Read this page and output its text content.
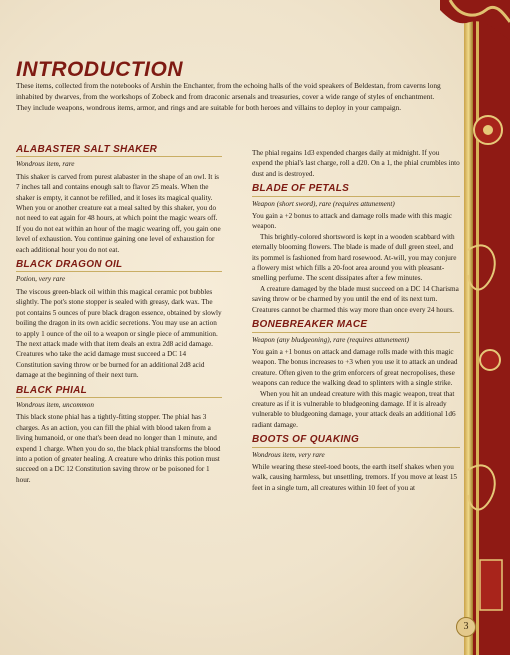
INTRODUCTION
These items, collected from the notebooks of Arshin the Enchanter, from the echoing halls of the void speakers of Beldestan, from caverns long inhabited by dwarves, from the workshops of Zobeck and from draconic arsenals and treasuries, cover a wide range of styles of enchantment. They include weapons, wondrous items, armor, and rings and are suitable for both heroes and villains to deploy in your campaign.
ALABASTER SALT SHAKER
Wondrous item, rare

This shaker is carved from purest alabaster in the shape of an owl. It is 7 inches tall and contains enough salt to flavor 25 meals. When the shaker is empty, it cannot be refilled, and it loses its magical quality. When you or another creature eat a meal salted by this shaker, you do not need to eat again for 48 hours, at which point the magic wears off. If you do not eat within an hour of the magic wearing off, you gain one level of exhaustion. You continue gaining one level of exhaustion for each additional hour you do not eat.

BLACK DRAGON OIL
Potion, very rare

The viscous green-black oil within this magical ceramic pot bubbles slightly. The pot's stone stopper is sealed with greasy, dark wax. The pot contains 5 ounces of pure black dragon essence, obtained by slowly boiling the dragon in its own acidic secretions. You may use an action to apply 1 ounce of the oil to a weapon or single piece of ammunition. The next attack made with that item deals an extra 2d8 acid damage. Creatures who take the acid damage must succeed a DC 14 Constitution saving throw or be burned for an additional 2d8 acid damage at the beginning of their next turn.

BLACK PHIAL
Wondrous item, uncommon

This black stone phial has a tightly-fitting stopper. The phial has 3 charges. As an action, you can fill the phial with blood taken from a living humanoid, or one that's been dead no longer than 1 minute, and expend 1 charge. When you do so, the black phial transforms the blood into a potion of greater healing. A creature who drinks this potion must succeed on a DC 12 Constitution saving throw or be poisoned for 1 hour.

The phial regains 1d3 expended charges daily at midnight. If you expend the phial's last charge, roll a d20. On a 1, the phial crumbles into dust and is destroyed.

BLADE OF PETALS
Weapon (short sword), rare (requires attunement)

You gain a +2 bonus to attack and damage rolls made with this magic weapon.

This brightly-colored shortsword is kept in a wooden scabbard with eternally blooming flowers. The blade is made of dull green steel, and its pommel is fashioned from hard rosewood. At-will, you may conjure a flowery mist which fills a 20-foot area around you with pleasant-smelling perfume. The scent dissipates after a few minutes.

A creature damaged by the blade must succeed on a DC 14 Charisma saving throw or be charmed by you until the end of its next turn. Creatures cannot be charmed this way more than once every 24 hours.

BONEBREAKER MACE
Weapon (any bludgeoning), rare (requires attunement)

You gain a +1 bonus on attack and damage rolls made with this magic weapon. The bonus increases to +3 when you use it to attack an undead creature. Often given to the grim enforcers of great necropolises, these weapons can reduce the walking dead to splinters with a single strike.

When you hit an undead creature with this magic weapon, treat that creature as if it is vulnerable to bludgeoning damage. If it is already vulnerable to bludgeoning damage, your attack deals an additional 1d6 radiant damage.

BOOTS OF QUAKING
Wondrous item, very rare

While wearing these steel-toed boots, the earth itself shakes when you walk, causing harmless, but unsettling, tremors. If you move at least 15 feet in a single turn, all creatures within 10 feet of you at

3
